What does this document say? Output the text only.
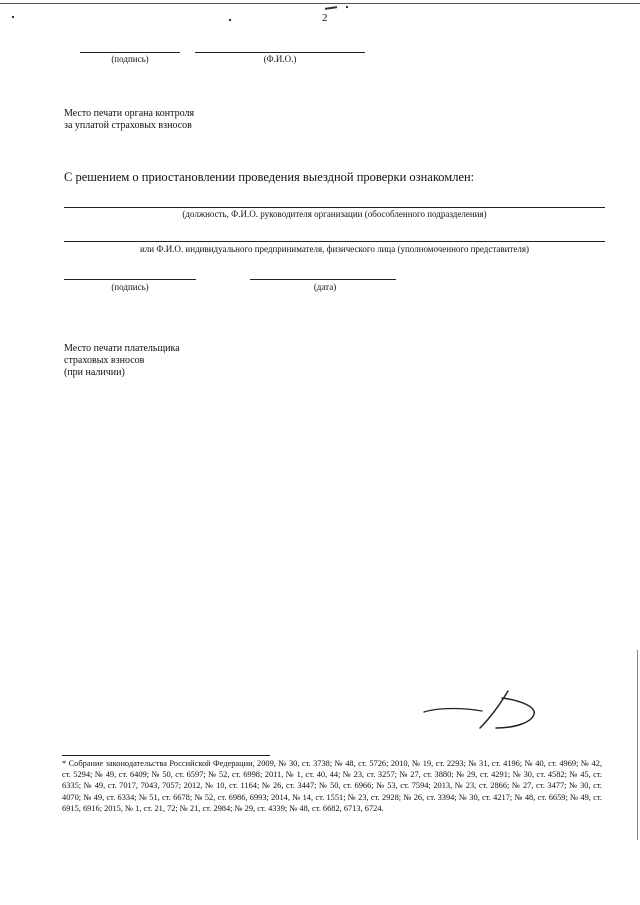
2
(подпись)	(Ф.И.О.)
Место печати органа контроля
за уплатой страховых взносов
С решением о приостановлении проведения выездной проверки ознакомлен:
(должность, Ф.И.О. руководителя организации (обособленного подразделения)
или Ф.И.О. индивидуального предпринимателя, физического лица (уполномоченного представителя)
(подпись)	(дата)
Место печати плательщика
страховых взносов
(при наличии)
* Собрание законодательства Российской Федерации, 2009, № 30, ст. 3738; № 48, ст. 5726; 2010, № 19, ст. 2293; № 31, ст. 4196; № 40, ст. 4969; № 42, ст. 5294; № 49, ст. 6409; № 50, ст. 6597; № 52, ст. 6998; 2011, № 1, ст. 40, 44; № 23, ст. 3257; № 27, ст. 3880; № 29, ст. 4291; № 30, ст. 4582; № 45, ст. 6335; № 49, ст. 7017, 7043, 7057; 2012, № 10, ст. 1164; № 26, ст. 3447; № 50, ст. 6966; № 53, ст. 7594; 2013, № 23, ст. 2866; № 27, ст. 3477; № 30, ст. 4070; № 49, ст. 6334; № 51, ст. 6678; № 52, ст. 6986, 6993; 2014, № 14, ст. 1551; № 23, ст. 2928; № 26, ст. 3394; № 30, ст. 4217; № 48, ст. 6659; № 49, ст. 6915, 6916; 2015, № 1, ст. 21, 72; № 21, ст. 2984; № 29, ст. 4339; № 48, ст. 6682, 6713, 6724.
